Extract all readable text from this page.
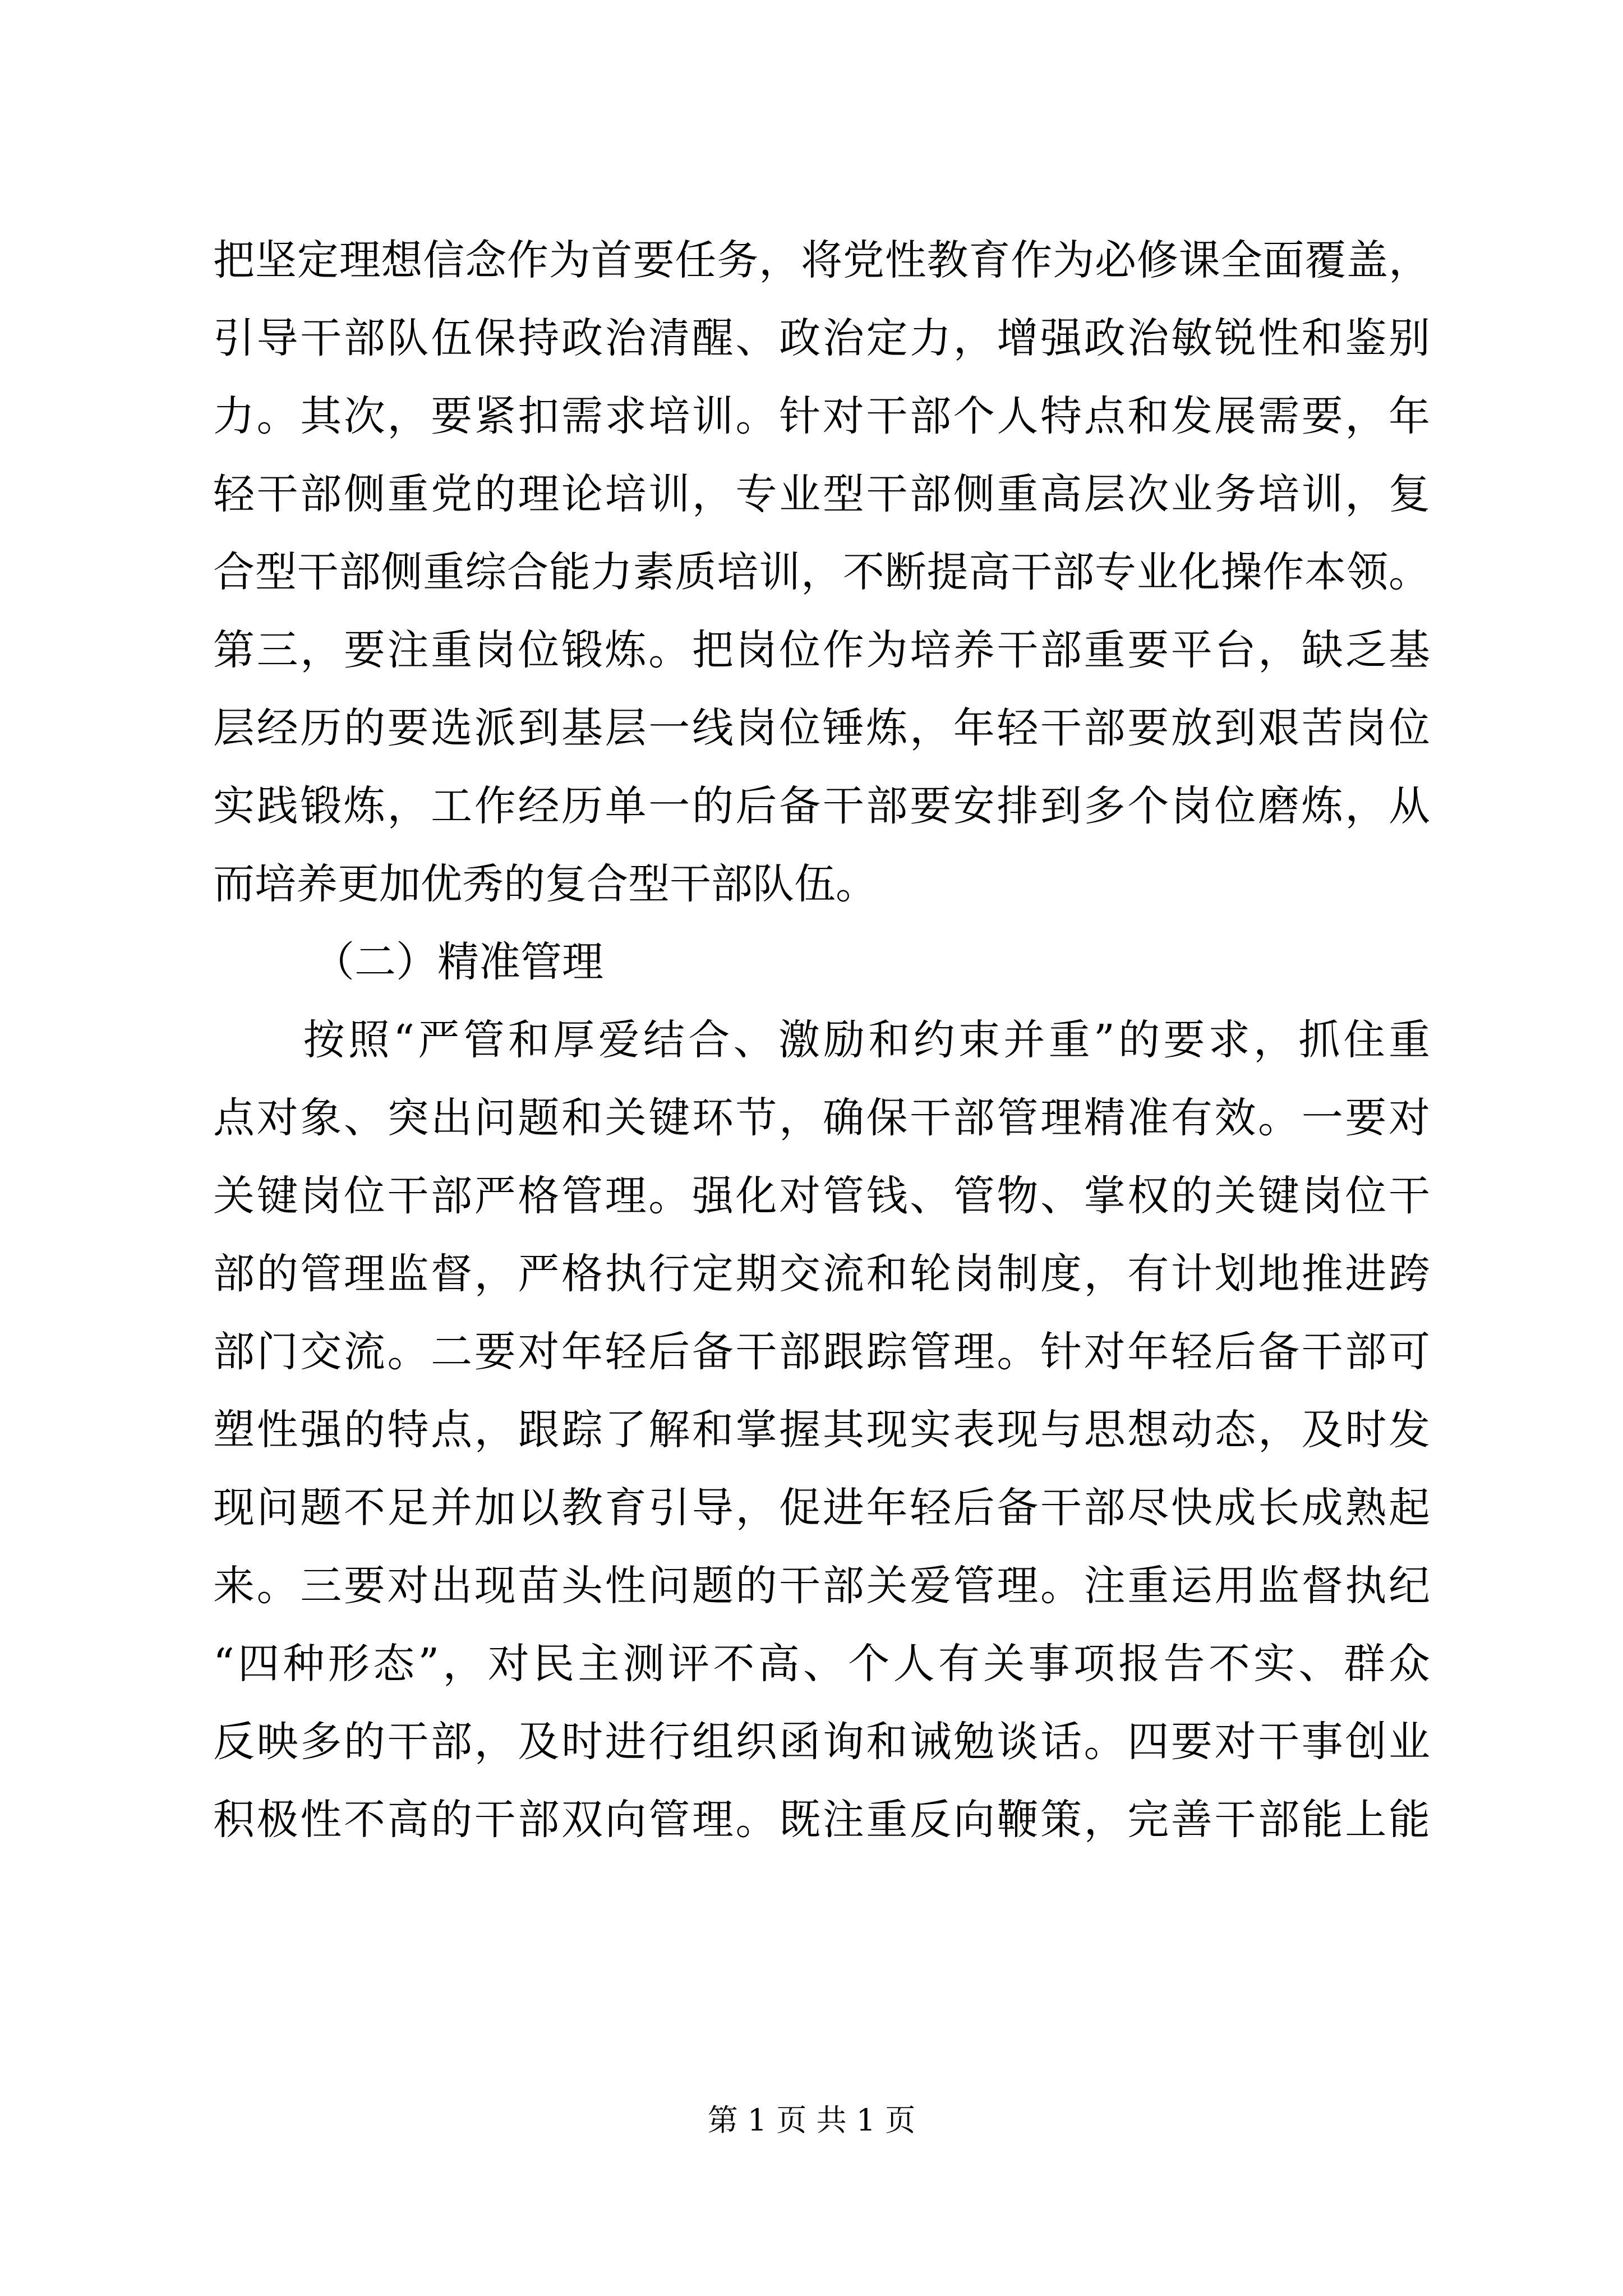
把坚定理想信念作为首要任务，将党性教育作为必修课全面覆盖，
引导干部队伍保持政治清醒、政治定力，增强政治敏锐性和鉴别
力。其次，要紧扣需求培训。针对干部个人特点和发展需要，年
轻干部侧重党的理论培训，专业型干部侧重高层次业务培训，复
合型干部侧重综合能力素质培训，不断提高干部专业化操作本领。
第三，要注重岗位锻炼。把岗位作为培养干部重要平台，缺乏基
层经历的要选派到基层一线岗位锤炼，年轻干部要放到艰苦岗位
实践锻炼，工作经历单一的后备干部要安排到多个岗位磨炼，从
而培养更加优秀的复合型干部队伍。
（二）精准管理
　　按照“严管和厚爱结合、激励和约束并重”的要求，抓住重
点对象、突出问题和关键环节，确保干部管理精准有效。一要对
关键岗位干部严格管理。强化对管钱、管物、掌权的关键岗位干
部的管理监督，严格执行定期交流和轮岗制度，有计划地推进跨
部门交流。二要对年轻后备干部跟踪管理。针对年轻后备干部可
塑性强的特点，跟踪了解和掌握其现实表现与思想动态，及时发
现问题不足并加以教育引导，促进年轻后备干部尽快成长成熟起
来。三要对出现苗头性问题的干部关爱管理。注重运用监督执纪
“四种形态”，对民主测评不高、个人有关事项报告不实、群众
反映多的干部，及时进行组织函询和诫勉谈话。四要对干事创业
积极性不高的干部双向管理。既注重反向鞭策，完善干部能上能
第 1 页 共 1 页
